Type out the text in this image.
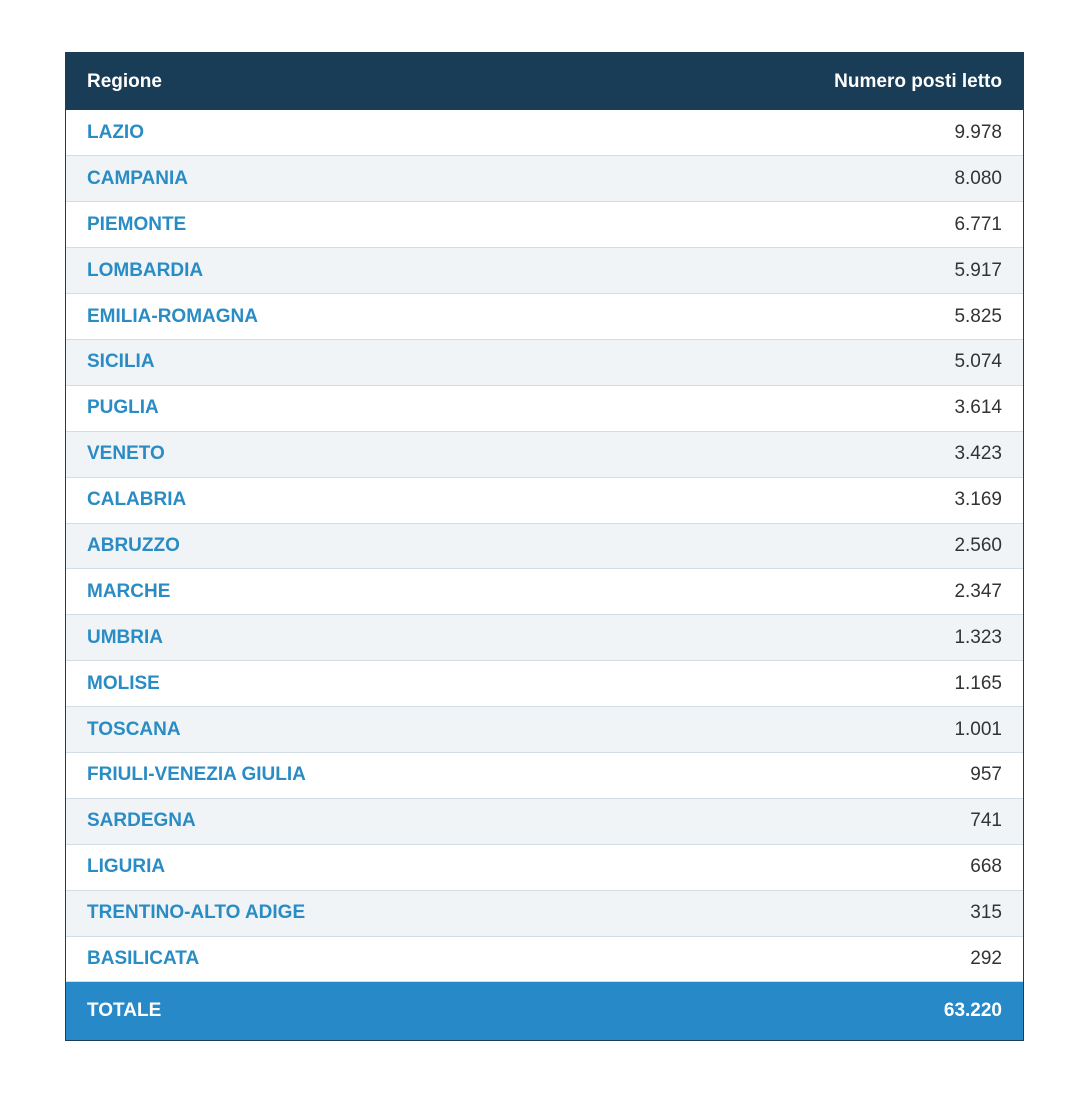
Regione	Numero posti letto
LAZIO	9.978
CAMPANIA	8.080
PIEMONTE	6.771
LOMBARDIA	5.917
EMILIA-ROMAGNA	5.825
SICILIA	5.074
PUGLIA	3.614
VENETO	3.423
CALABRIA	3.169
ABRUZZO	2.560
MARCHE	2.347
UMBRIA	1.323
MOLISE	1.165
TOSCANA	1.001
FRIULI-VENEZIA GIULIA	957
SARDEGNA	741
LIGURIA	668
TRENTINO-ALTO ADIGE	315
BASILICATA	292
TOTALE	63.220
